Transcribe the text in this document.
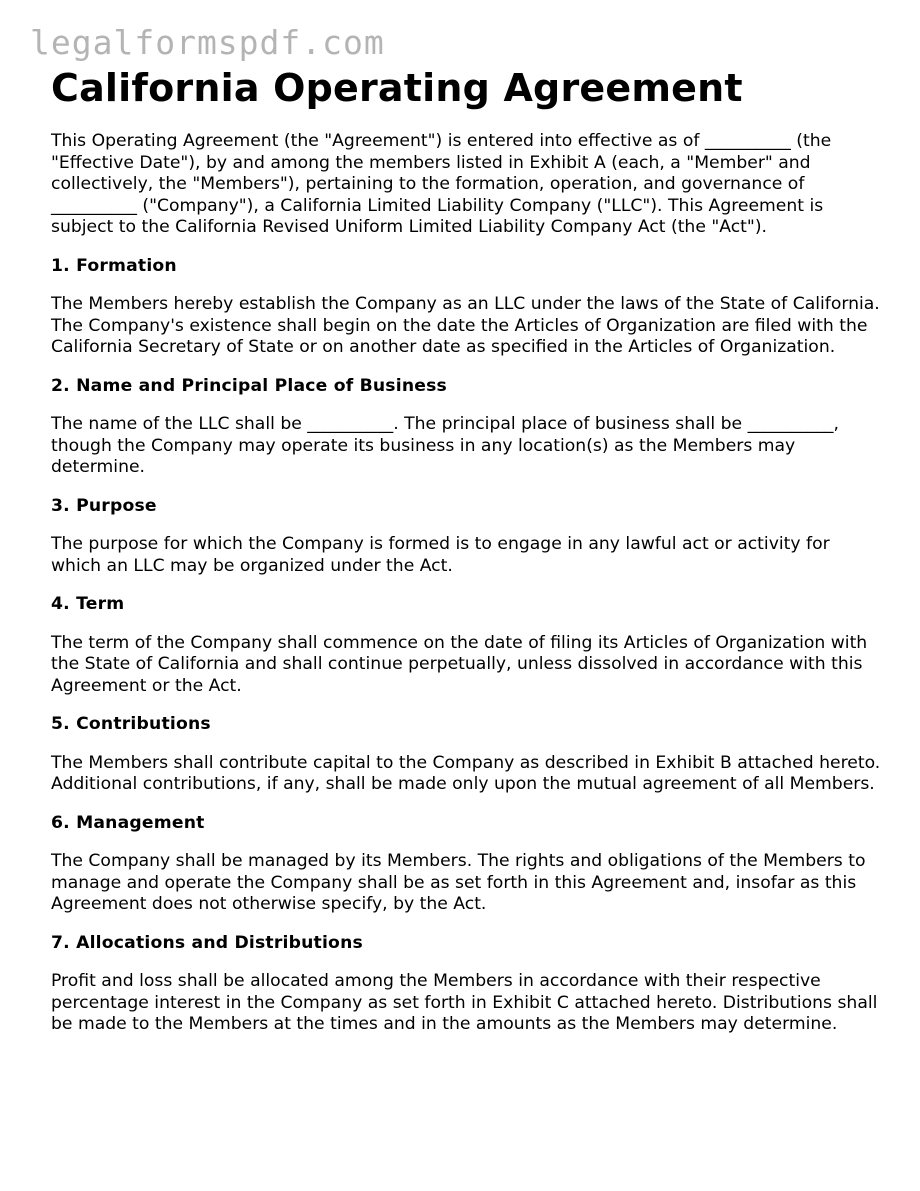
legalformspdf.com
California Operating Agreement

This Operating Agreement (the "Agreement") is entered into effective as of __________ (the "Effective Date"), by and among the members listed in Exhibit A (each, a "Member" and collectively, the "Members"), pertaining to the formation, operation, and governance of __________ ("Company"), a California Limited Liability Company ("LLC"). This Agreement is subject to the California Revised Uniform Limited Liability Company Act (the "Act").

1. Formation

The Members hereby establish the Company as an LLC under the laws of the State of California. The Company's existence shall begin on the date the Articles of Organization are filed with the California Secretary of State or on another date as specified in the Articles of Organization.

2. Name and Principal Place of Business

The name of the LLC shall be __________. The principal place of business shall be __________, though the Company may operate its business in any location(s) as the Members may determine.

3. Purpose

The purpose for which the Company is formed is to engage in any lawful act or activity for which an LLC may be organized under the Act.

4. Term

The term of the Company shall commence on the date of filing its Articles of Organization with the State of California and shall continue perpetually, unless dissolved in accordance with this Agreement or the Act.

5. Contributions

The Members shall contribute capital to the Company as described in Exhibit B attached hereto. Additional contributions, if any, shall be made only upon the mutual agreement of all Members.

6. Management

The Company shall be managed by its Members. The rights and obligations of the Members to manage and operate the Company shall be as set forth in this Agreement and, insofar as this Agreement does not otherwise specify, by the Act.

7. Allocations and Distributions

Profit and loss shall be allocated among the Members in accordance with their respective percentage interest in the Company as set forth in Exhibit C attached hereto. Distributions shall be made to the Members at the times and in the amounts as the Members may determine.
